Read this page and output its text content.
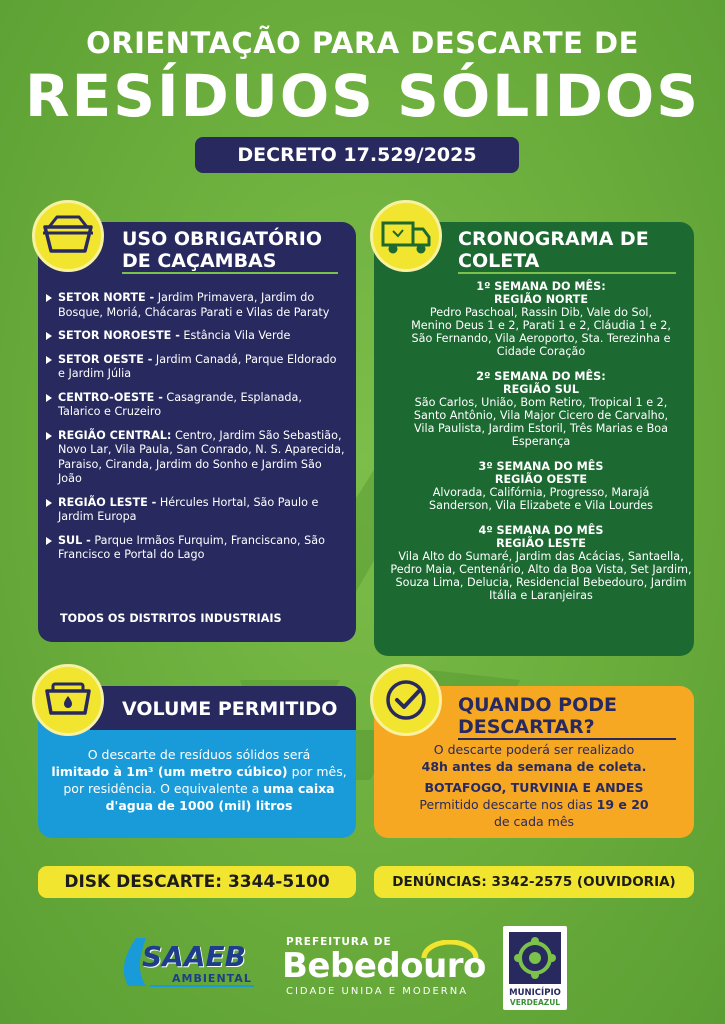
ORIENTAÇÃO PARA DESCARTE DE
RESÍDUOS SÓLIDOS
DECRETO 17.529/2025
USO OBRIGATÓRIO
DE CAÇAMBAS
SETOR NORTE - Jardim Primavera, Jardim do Bosque, Moriá, Chácaras Parati e Vilas de Paraty
SETOR NOROESTE - Estância Vila Verde
SETOR OESTE - Jardim Canadá, Parque Eldorado e Jardim Júlia
CENTRO-OESTE - Casagrande, Esplanada, Talarico e Cruzeiro
REGIÃO CENTRAL: Centro, Jardim São Sebastião, Novo Lar, Vila Paula, San Conrado, N. S. Aparecida, Paraiso, Ciranda, Jardim do Sonho e Jardim São João
REGIÃO LESTE - Hércules Hortal, São Paulo e Jardim Europa
SUL - Parque Irmãos Furquim, Franciscano, São Francisco e Portal do Lago
TODOS OS DISTRITOS INDUSTRIAIS
CRONOGRAMA DE
COLETA
1º SEMANA DO MÊS:
REGIÃO NORTE
Pedro Paschoal, Rassin Dib, Vale do Sol, Menino Deus 1 e 2, Parati 1 e 2, Cláudia 1 e 2, São Fernando, Vila Aeroporto, Sta. Terezinha e Cidade Coração
2º SEMANA DO MÊS:
REGIÃO SUL
São Carlos, União, Bom Retiro, Tropical 1 e 2, Santo Antônio, Vila Major Cicero de Carvalho, Vila Paulista, Jardim Estoril, Três Marias e Boa Esperança
3º SEMANA DO MÊS
REGIÃO OESTE
Alvorada, Califórnia, Progresso, Marajá Sanderson, Vila Elizabete e Vila Lourdes
4º SEMANA DO MÊS
REGIÃO LESTE
Vila Alto do Sumaré, Jardim das Acácias, Santaella, Pedro Maia, Centenário, Alto da Boa Vista, Set Jardim, Souza Lima, Delucia, Residencial Bebedouro, Jardim Itália e Laranjeiras
VOLUME PERMITIDO
O descarte de resíduos sólidos será
limitado à 1m³ (um metro cúbico) por mês,
por residência. O equivalente a uma caixa
d'agua de 1000 (mil) litros
QUANDO PODE
DESCARTAR?
O descarte poderá ser realizado
48h antes da semana de coleta.
BOTAFOGO, TURVINIA E ANDES
Permitido descarte nos dias 19 e 20
de cada mês
DISK DESCARTE: 3344-5100	DENÚNCIAS: 3342-2575 (OUVIDORIA)
SAAEB
AMBIENTAL
PREFEITURA DE
Bebedouro
CIDADE UNIDA E MODERNA	MUNICÍPIO
VERDEAZUL
